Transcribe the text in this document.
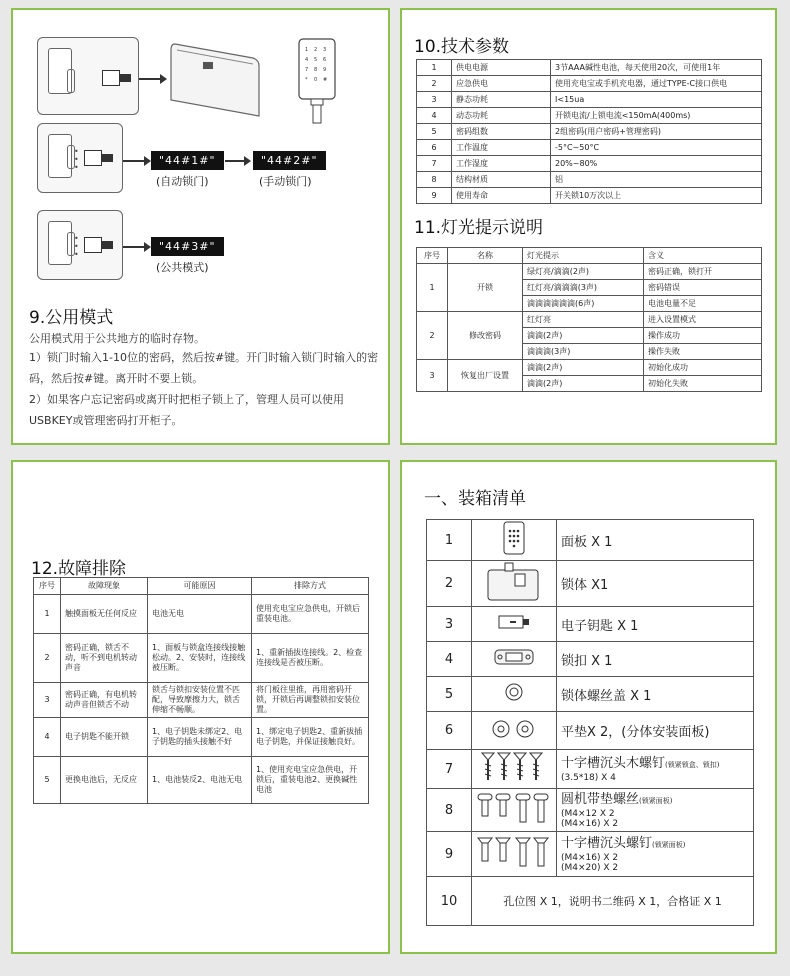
1 2 3
4 5 6
7 8 9
* 0 #
•
•
•
"44#1#"
(自动锁门)
"44#2#"
(手动锁门)
•
•
•
"44#3#"
(公共模式)
9.公用模式
公用模式用于公共地方的临时存物。
1）锁门时输入1-10位的密码，然后按#键。开门时输入锁门时输入的密码，然后按#键。离开时不要上锁。
2）如果客户忘记密码或离开时把柜子锁上了，管理人员可以使用USBKEY或管理密码打开柜子。
10.技术参数
1	供电电源	3节AAA碱性电池，每天使用20次，可使用1年
2	应急供电	使用充电宝或手机充电器，通过TYPE-C接口供电
3	静态功耗	I<15ua
4	动态功耗	开锁电流/上锁电流<150mA(400ms)
5	密码组数	2组密码(用户密码+管理密码)
6	工作温度	-5°C~50°C
7	工作湿度	20%~80%
8	结构材质	铝
9	使用寿命	开关锁10万次以上
11.灯光提示说明
序号	名称	灯光提示	含义
1	开锁	绿灯亮/滴滴(2声)	密码正确，锁打开
		红灯亮/滴滴滴(3声)	密码错误
		滴滴滴滴滴滴(6声)	电池电量不足
2	修改密码	红灯亮	进入设置模式
		滴滴(2声)	操作成功
		滴滴滴(3声)	操作失败
3	恢复出厂设置	滴滴(2声)	初始化成功
		滴滴(2声)	初始化失败
12.故障排除
序号	故障现象	可能原因	排除方式
1	触摸面板无任何反应	电池无电	使用充电宝应急供电，开锁后重装电池。
2	密码正确，锁舌不动，听不到电机转动声音	1、面板与锁盒连接线接触松动。2、安装时，连接线被压断。	1、重新插拔连接线。2、检查连接线是否被压断。
3	密码正确，有电机转动声音但锁舌不动	锁舌与锁扣安装位置不匹配，导致摩擦力大，锁舌伸缩不畅顺。	将门板往里推，再用密码开锁，开锁后再调整锁扣安装位置。
4	电子钥匙不能开锁	1、电子钥匙未绑定2、电子钥匙的插头接触不好	1、绑定电子钥匙2、重新拔插电子钥匙，并保证接触良好。
5	更换电池后，无反应	1、电池装反2、电池无电	1、使用充电宝应急供电，开锁后，重装电池2、更换碱性电池
一、装箱清单
1		面板 X 1
2		锁体 X1
3		电子钥匙 X 1
4		锁扣 X 1
5		锁体螺丝盖 X 1
6		平垫X 2，(分体安装面板)
7		十字槽沉头木螺钉(锁紧锁盒、锁扣)
(3.5*18) X 4

8		圆机带垫螺丝(锁紧面板)
(M4×12 X 2
(M4×16) X 2

9		十字槽沉头螺钉(锁紧面板)
(M4×16) X 2
(M4×20) X 2

10	孔位图 X 1，说明书二维码 X 1，合格证 X 1	
